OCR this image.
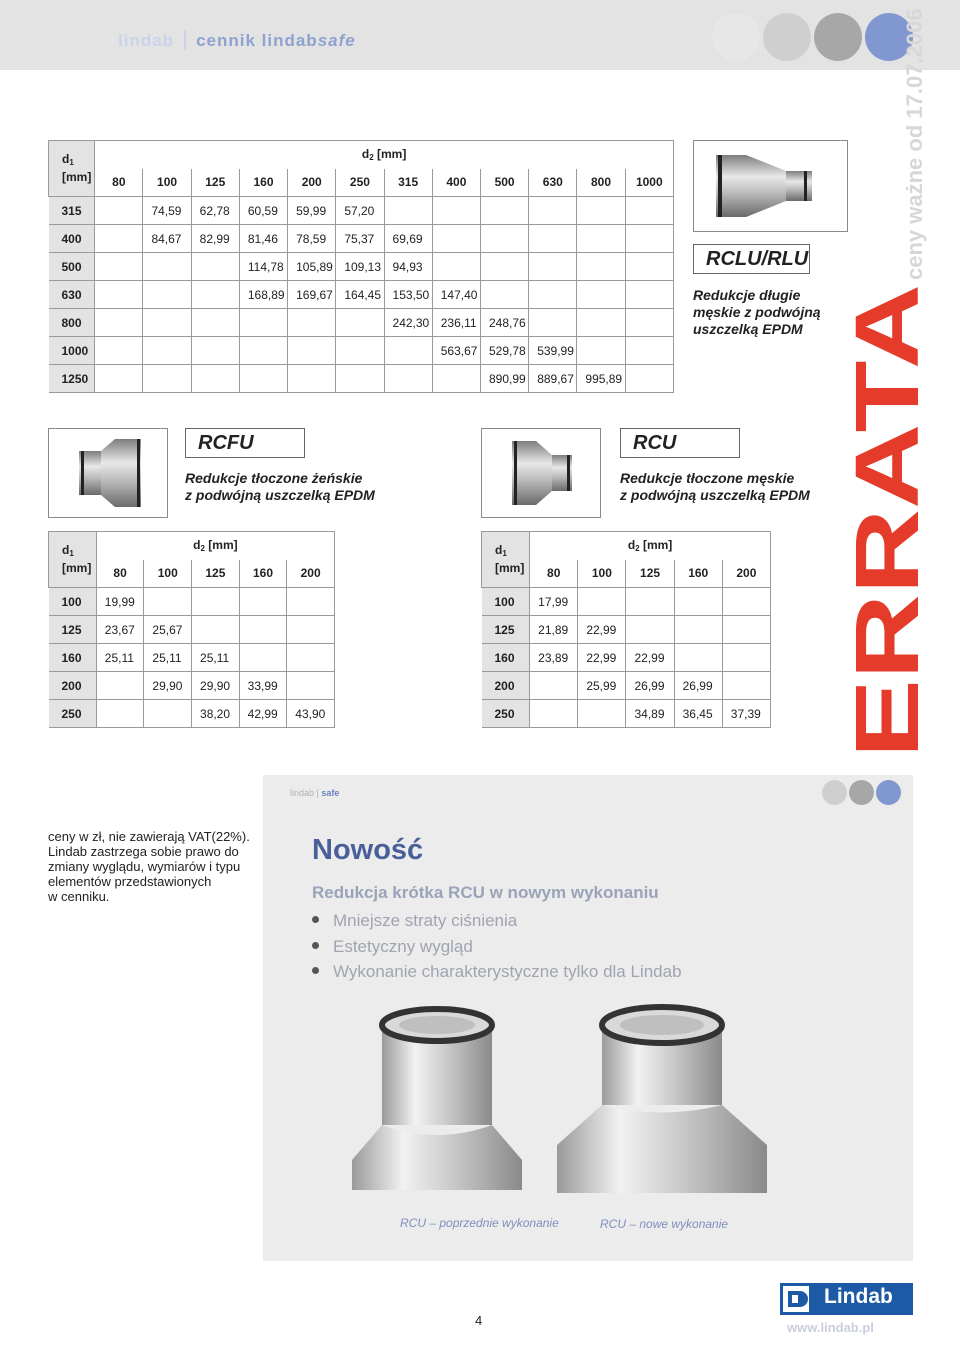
lindab cennik lindabsafe	ceny ważne od 17.07.2006
ERRATA
$d_1$
[mm]	$d_2$ [mm]											
	80	100	125	160	200	250	315	400	500	630	800	1000
315		74,59	62,78	60,59	59,99	57,20						
400		84,67	82,99	81,46	78,59	75,37	69,69					
500				114,78	105,89	109,13	94,93					
630				168,89	169,67	164,45	153,50	147,40				
800							242,30	236,11	248,76			
1000								563,67	529,78	539,99		
1250									890,99	889,67	995,89	
RCLU/RLU
Redukcje długie
męskie z podwójną
uszczelką EPDM
RCFU
Redukcje tłoczone żeńskie
z podwójną uszczelką EPDM
RCU
Redukcje tłoczone męskie
z podwójną uszczelką EPDM
$d_1$
[mm]	$d_2$ [mm]				
	80	100	125	160	200
100	19,99				
125	23,67	25,67			
160	25,11	25,11	25,11		
200		29,90	29,90	33,99	
250			38,20	42,99	43,90
$d_1$
[mm]	$d_2$ [mm]				
	80	100	125	160	200
100	17,99				
125	21,89	22,99			
160	23,89	22,99	22,99		
200		25,99	26,99	26,99	
250			34,89	36,45	37,39
lindab | safe
ceny w zł, nie zawierają VAT(22%).
Lindab zastrzega sobie prawo do
zmiany wyglądu, wymiarów i typu
elementów przedstawionych
w cenniku.
Nowość
Redukcja krótka RCU w nowym wykonaniu
Mniejsze straty ciśnienia
Estetyczny wygląd
Wykonanie charakterystyczne tylko dla Lindab
RCU – poprzednie wykonanie	RCU – nowe wykonanie
4
Lindab
www.lindab.pl
